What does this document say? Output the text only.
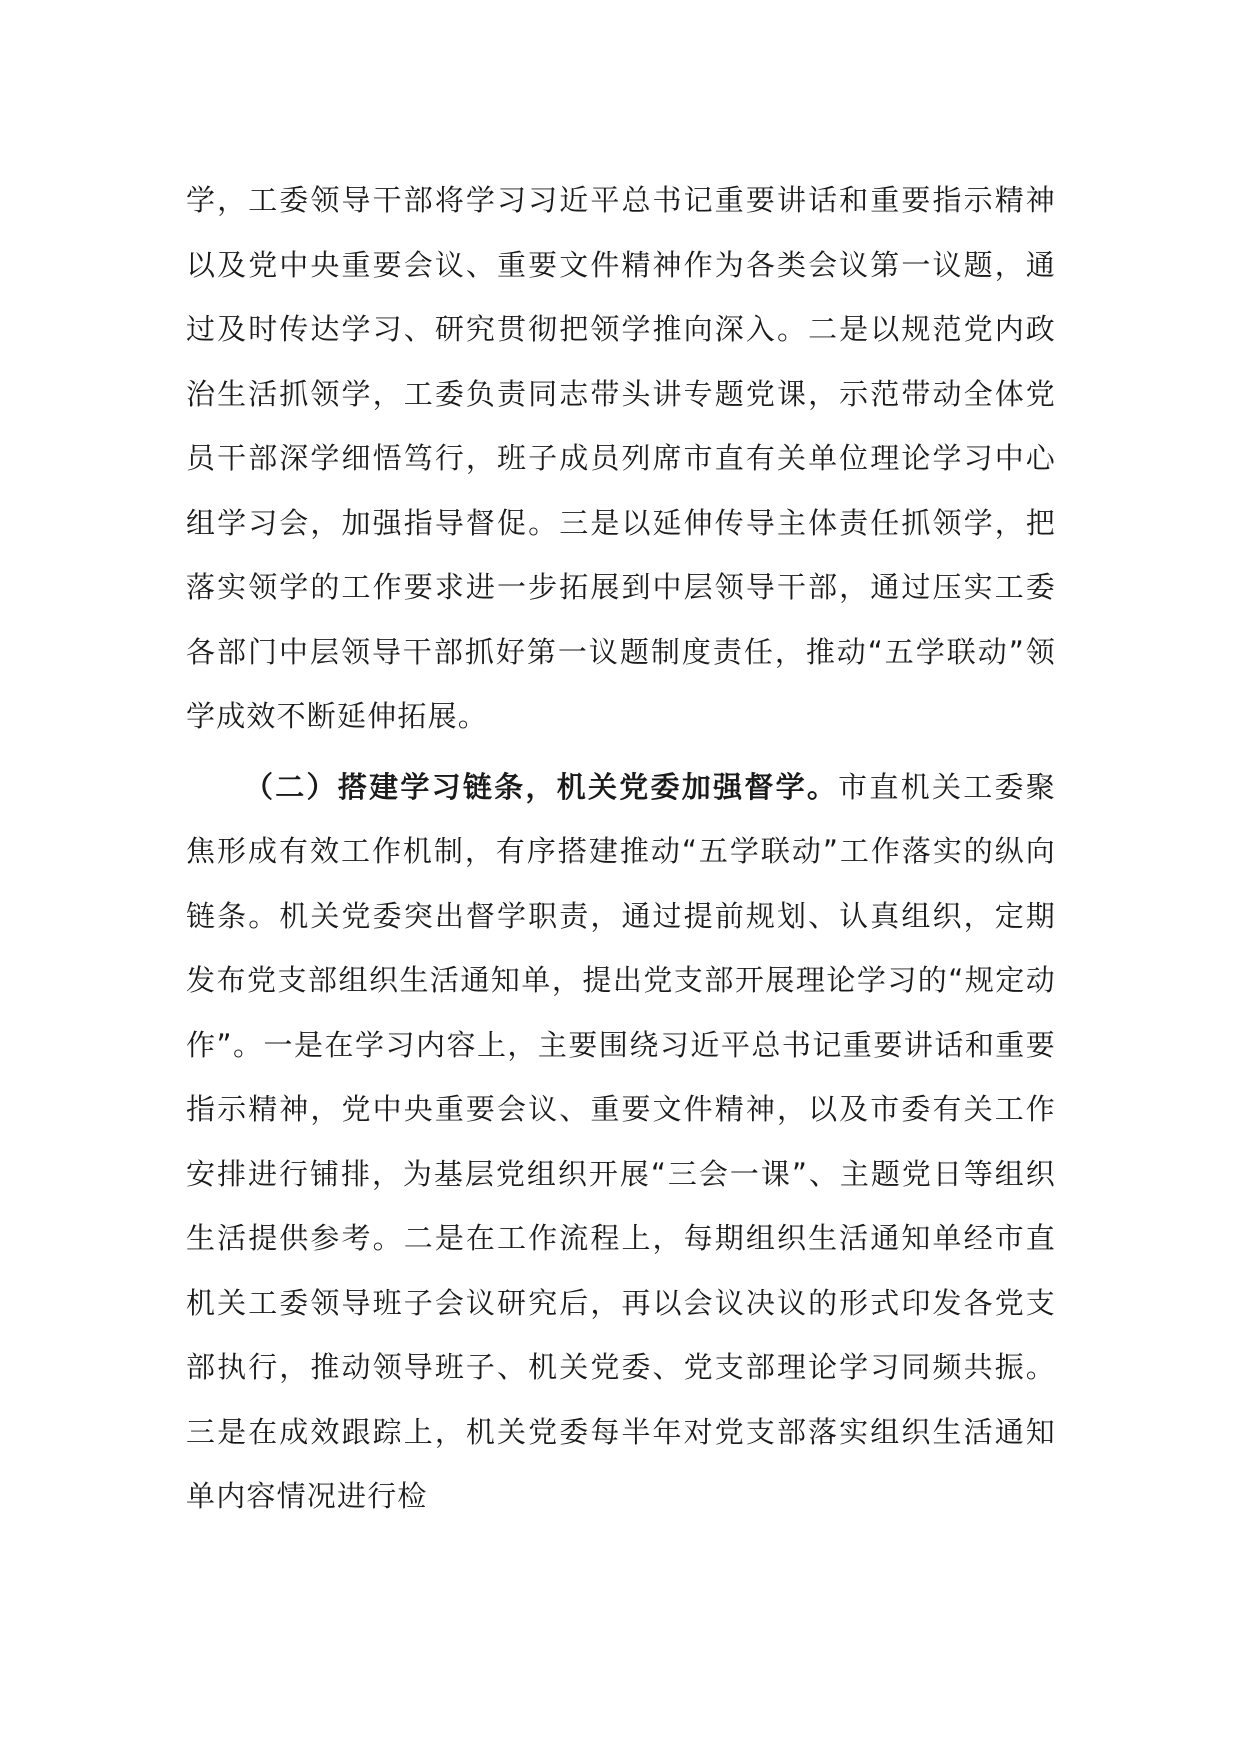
学，工委领导干部将学习习近平总书记重要讲话和重要指示精神以及党中央重要会议、重要文件精神作为各类会议第一议题，通过及时传达学习、研究贯彻把领学推向深入。二是以规范党内政治生活抓领学，工委负责同志带头讲专题党课，示范带动全体党员干部深学细悟笃行，班子成员列席市直有关单位理论学习中心组学习会，加强指导督促。三是以延伸传导主体责任抓领学，把落实领学的工作要求进一步拓展到中层领导干部，通过压实工委各部门中层领导干部抓好第一议题制度责任，推动“五学联动”领学成效不断延伸拓展。

（二）搭建学习链条，机关党委加强督学。市直机关工委聚焦形成有效工作机制，有序搭建推动“五学联动”工作落实的纵向链条。机关党委突出督学职责，通过提前规划、认真组织，定期发布党支部组织生活通知单，提出党支部开展理论学习的“规定动作”。一是在学习内容上，主要围绕习近平总书记重要讲话和重要指示精神，党中央重要会议、重要文件精神，以及市委有关工作安排进行铺排，为基层党组织开展“三会一课”、主题党日等组织生活提供参考。二是在工作流程上，每期组织生活通知单经市直机关工委领导班子会议研究后，再以会议决议的形式印发各党支部执行，推动领导班子、机关党委、党支部理论学习同频共振。三是在成效跟踪上，机关党委每半年对党支部落实组织生活通知单内容情况进行检
